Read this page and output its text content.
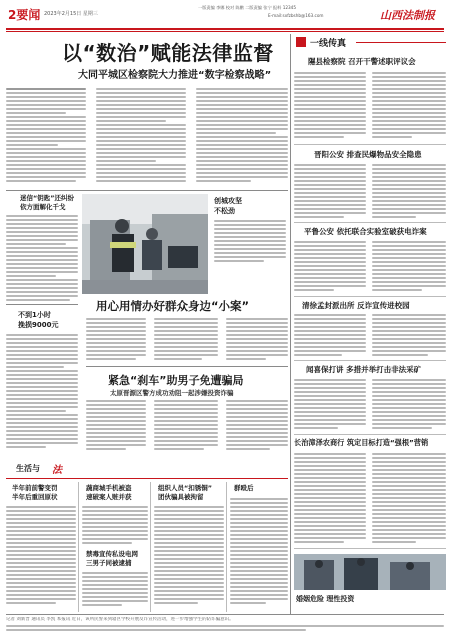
2要闻 2023年2月15日 星期三
一版责编 李娜 校对 陈鹏 二版责编 张宁 报料 12345
E-mail:sxfzbshb@163.com	山西法制报
以“数治”赋能法律监督
大同平城区检察院大力推进“数字检察战略”
迷信“钥匙”还纠纷
依方面解化千戈
创城攻坚
不松劲
不到1小时
挽损9000元
生活与 法
用心用情办好群众身边“小案”
紧急“刹车”助男子免遭骗局
太原晋源区警方成功劝阻一起涉嫌投资诈骗
半年前前警变罚
半年后重回原状
蔬商城手机被盗
速破案人赃并获
禁毒宣传私设电网
三男子同被逮捕
组织人员“扣锈铜”
团伙骗具被拘留
群殴后
一线传真
隰县检察院 召开干警述职评议会
晋阳公安 排查民爆物品安全隐患
平鲁公安 依托联合实验室破获电诈案
清徐孟封派出所 反诈宣传进校园
闻喜保打讲 多措并举打击非法采矿
长治漳泽农商行 筑定目标打造“强根”营销
婚姻危险 理性投资
记者 刘新晋 通讯员 李凯 本报讯 近日，该所民警来到辖区学校开展反诈宣传活动，进一步增强学生的防诈骗意识。
